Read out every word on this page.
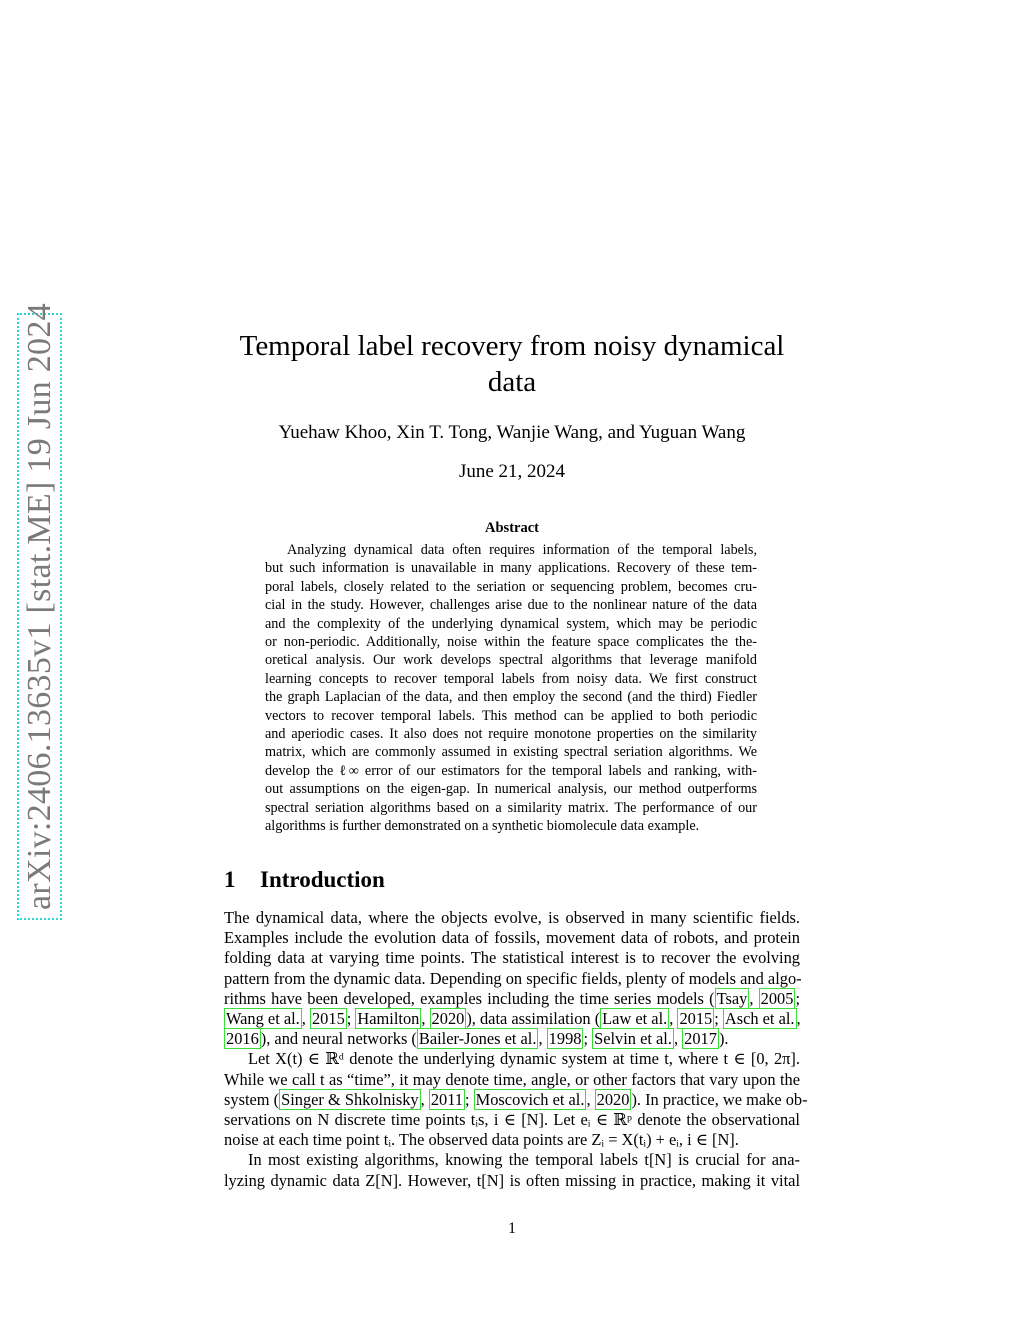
arXiv:2406.13635v1 [stat.ME] 19 Jun 2024	Temporal label recovery from noisy dynamical
data
Yuehaw Khoo, Xin T. Tong, Wanjie Wang, and Yuguan Wang
June 21, 2024
Abstract
Analyzing dynamical data often requires information of the temporal labels,
but such information is unavailable in many applications. Recovery of these tem-
poral labels, closely related to the seriation or sequencing problem, becomes cru-
cial in the study. However, challenges arise due to the nonlinear nature of the data
and the complexity of the underlying dynamical system, which may be periodic
or non-periodic. Additionally, noise within the feature space complicates the the-
oretical analysis. Our work develops spectral algorithms that leverage manifold
learning concepts to recover temporal labels from noisy data. We first construct
the graph Laplacian of the data, and then employ the second (and the third) Fiedler
vectors to recover temporal labels. This method can be applied to both periodic
and aperiodic cases. It also does not require monotone properties on the similarity
matrix, which are commonly assumed in existing spectral seriation algorithms. We
develop the ℓ∞ error of our estimators for the temporal labels and ranking, with-
out assumptions on the eigen-gap. In numerical analysis, our method outperforms
spectral seriation algorithms based on a similarity matrix. The performance of our
algorithms is further demonstrated on a synthetic biomolecule data example.
1 Introduction
The dynamical data, where the objects evolve, is observed in many scientific fields.
Examples include the evolution data of fossils, movement data of robots, and protein
folding data at varying time points. The statistical interest is to recover the evolving
pattern from the dynamic data. Depending on specific fields, plenty of models and algo-
rithms have been developed, examples including the time series models ( Tsay , 2005 ;
Wang et al. , 2015 ; Hamilton , 2020 ), data assimilation ( Law et al. , 2015 ; Asch et al. ,
2016 ), and neural networks ( Bailer-Jones et al. , 1998 ; Selvin et al. , 2017 ).
Let X(t) ∈ ℝᵈ denote the underlying dynamic system at time t, where t ∈ [0, 2π].
While we call t as “time”, it may denote time, angle, or other factors that vary upon the
system ( Singer & Shkolnisky , 2011 ; Moscovich et al. , 2020 ). In practice, we make ob-
servations on N discrete time points tᵢs, i ∈ [N]. Let eᵢ ∈ ℝᵖ denote the observational
noise at each time point tᵢ. The observed data points are Zᵢ = X(tᵢ) + eᵢ, i ∈ [N].
In most existing algorithms, knowing the temporal labels t[N] is crucial for ana-
lyzing dynamic data Z[N]. However, t[N] is often missing in practice, making it vital
1
